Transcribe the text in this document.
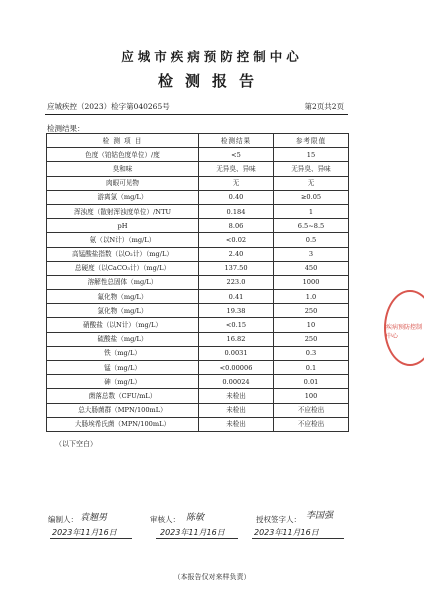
应城市疾病预防控制中心
检测报告
应城疾控（2023）检字第040265号	第2页共2页
检测结果：
检 测 项 目	检测结果	参考限值
色度（铂钴色度单位）/度	<5	15
臭和味	无异臭、异味	无异臭、异味
肉眼可见物	无	无
游离氯（mg/L）	0.40	≥0.05
浑浊度（散射浑浊度单位）/NTU	0.184	1
pH	8.06	6.5~8.5
氨（以N计）（mg/L）	<0.02	0.5
高锰酸盐指数（以O₂计）（mg/L）	2.40	3
总硬度（以CaCO₃计）（mg/L）	137.50	450
溶解性总固体（mg/L）	223.0	1000
氟化物（mg/L）	0.41	1.0
氯化物（mg/L）	19.38	250
硝酸盐（以N计）（mg/L）	<0.15	10
硫酸盐（mg/L）	16.82	250
铁（mg/L）	0.0031	0.3
锰（mg/L）	<0.00006	0.1
砷（mg/L）	0.00024	0.01
菌落总数（CFU/mL）	未检出	100
总大肠菌群（MPN/100mL）	未检出	不应检出
大肠埃希氏菌（MPN/100mL）	未检出	不应检出
（以下空白）
编制人： 袁翘男
2023年11月16日
审核人： 陈敏
2023年11月16日
授权签字人： 李国强
2023年11月16日
（本报告仅对来样负责）
疾病预防控制中心
